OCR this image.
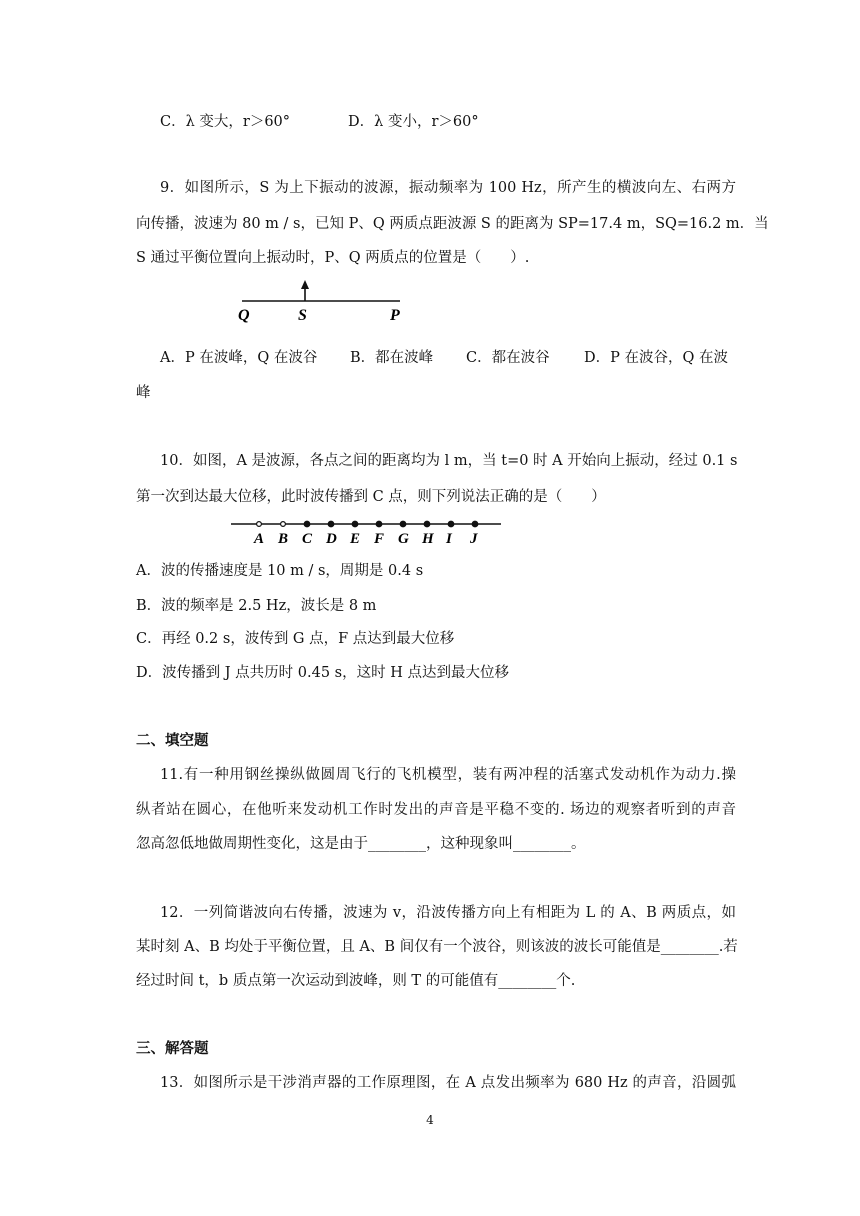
C．λ 变大，r＞60°	D．λ 变小，r＞60°
9．如图所示，S 为上下振动的波源，振动频率为 100 Hz，所产生的横波向左、右两方
向传播，波速为 80 m / s，已知 P、Q 两质点距波源 S 的距离为 SP=17.4 m，SQ=16.2 m．当
S 通过平衡位置向上振动时，P、Q 两质点的位置是（　　）.
Q	S	P
A．P 在波峰，Q 在波谷 B．都在波峰 C．都在波谷 D．P 在波谷，Q 在波
峰
10．如图，A 是波源，各点之间的距离均为 l m，当 t=0 时 A 开始向上振动，经过 0.1 s
第一次到达最大位移，此时波传播到 C 点，则下列说法正确的是（　　）
A B C D E F G H I J
A．波的传播速度是 10 m / s，周期是 0.4 s
B．波的频率是 2.5 Hz，波长是 8 m
C．再经 0.2 s，波传到 G 点，F 点达到最大位移
D．波传播到 J 点共历时 0.45 s，这时 H 点达到最大位移
二、填空题
11.有一种用钢丝操纵做圆周飞行的飞机模型，装有两冲程的活塞式发动机作为动力.操
纵者站在圆心，在他听来发动机工作时发出的声音是平稳不变的. 场边的观察者听到的声音
忽高忽低地做周期性变化，这是由于________，这种现象叫________。
12．一列简谐波向右传播，波速为 v，沿波传播方向上有相距为 L 的 A、B 两质点，如
某时刻 A、B 均处于平衡位置，且 A、B 间仅有一个波谷，则该波的波长可能值是________.若
经过时间 t，b 质点第一次运动到波峰，则 T 的可能值有________个.
三、解答题
13．如图所示是干涉消声器的工作原理图，在 A 点发出频率为 680 Hz 的声音，沿圆弧
4
